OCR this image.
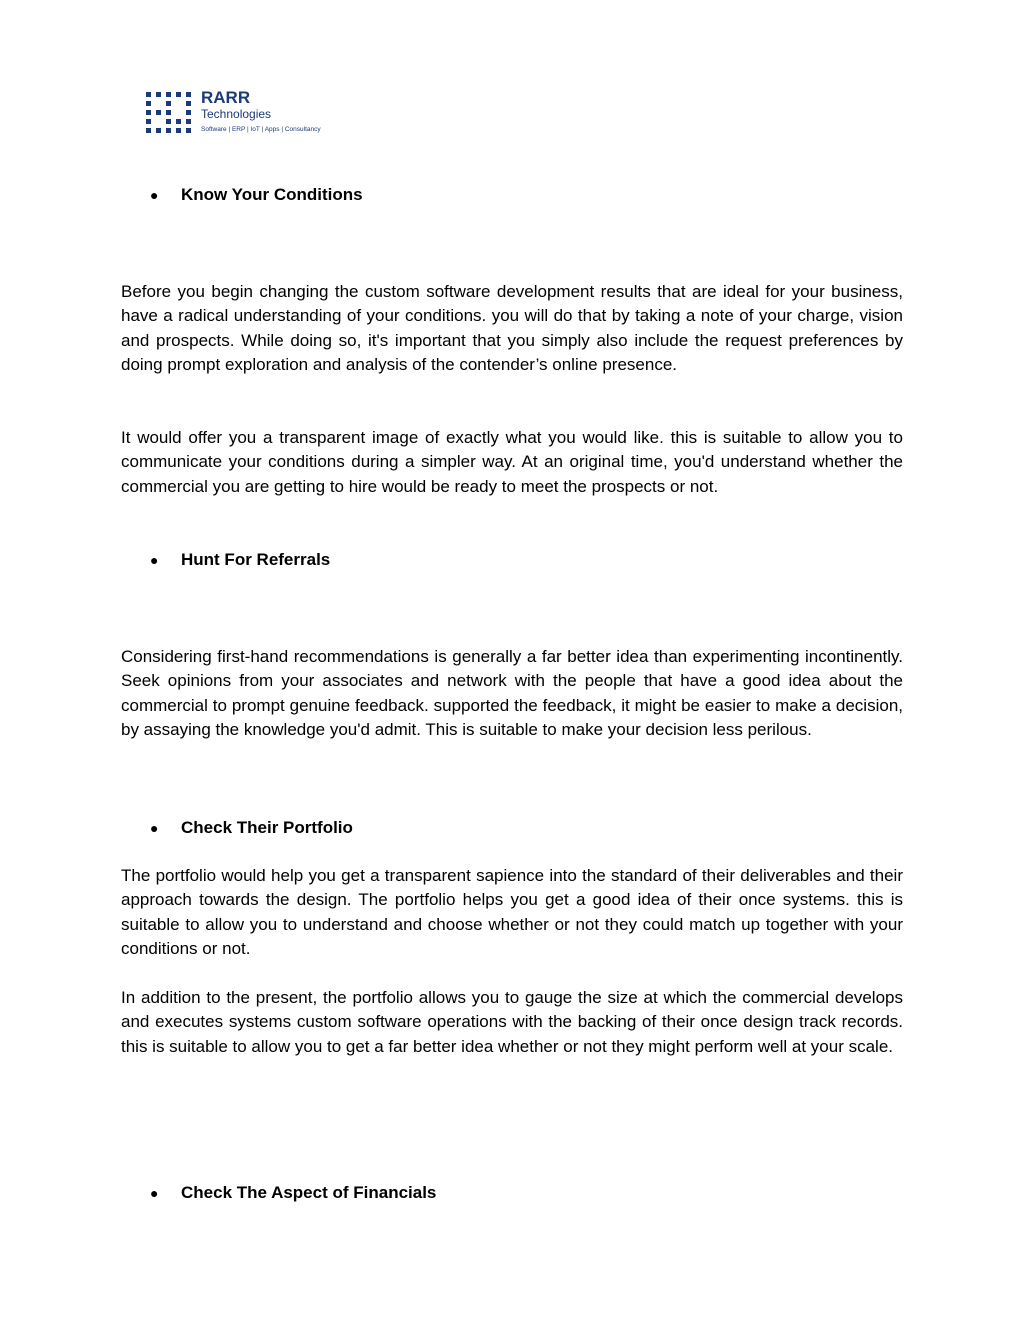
RARR
Technologies
Software | ERP | IoT | Apps | Consultancy
● Know Your Conditions
Before you begin changing the custom software development results that are ideal for your business, have a radical understanding of your conditions. you will do that by taking a note of your charge, vision and prospects. While doing so, it's important that you simply also include the request preferences by doing prompt exploration and analysis of the contender’s online presence.
It would offer you a transparent image of exactly what you would like. this is suitable to allow you to communicate your conditions during a simpler way. At an original time, you'd understand whether the commercial you are getting to hire would be ready to meet the prospects or not.
● Hunt For Referrals
Considering first-hand recommendations is generally a far better idea than experimenting incontinently. Seek opinions from your associates and network with the people that have a good idea about the commercial to prompt genuine feedback. supported the feedback, it might be easier to make a decision, by assaying the knowledge you'd admit. This is suitable to make your decision less perilous.
● Check Their Portfolio
The portfolio would help you get a transparent sapience into the standard of their deliverables and their approach towards the design. The portfolio helps you get a good idea of their once systems. this is suitable to allow you to understand and choose whether or not they could match up together with your conditions or not.
In addition to the present, the portfolio allows you to gauge the size at which the commercial develops and executes systems custom software operations with the backing of their once design track records. this is suitable to allow you to get a far better idea whether or not they might perform well at your scale.
● Check The Aspect of Financials
